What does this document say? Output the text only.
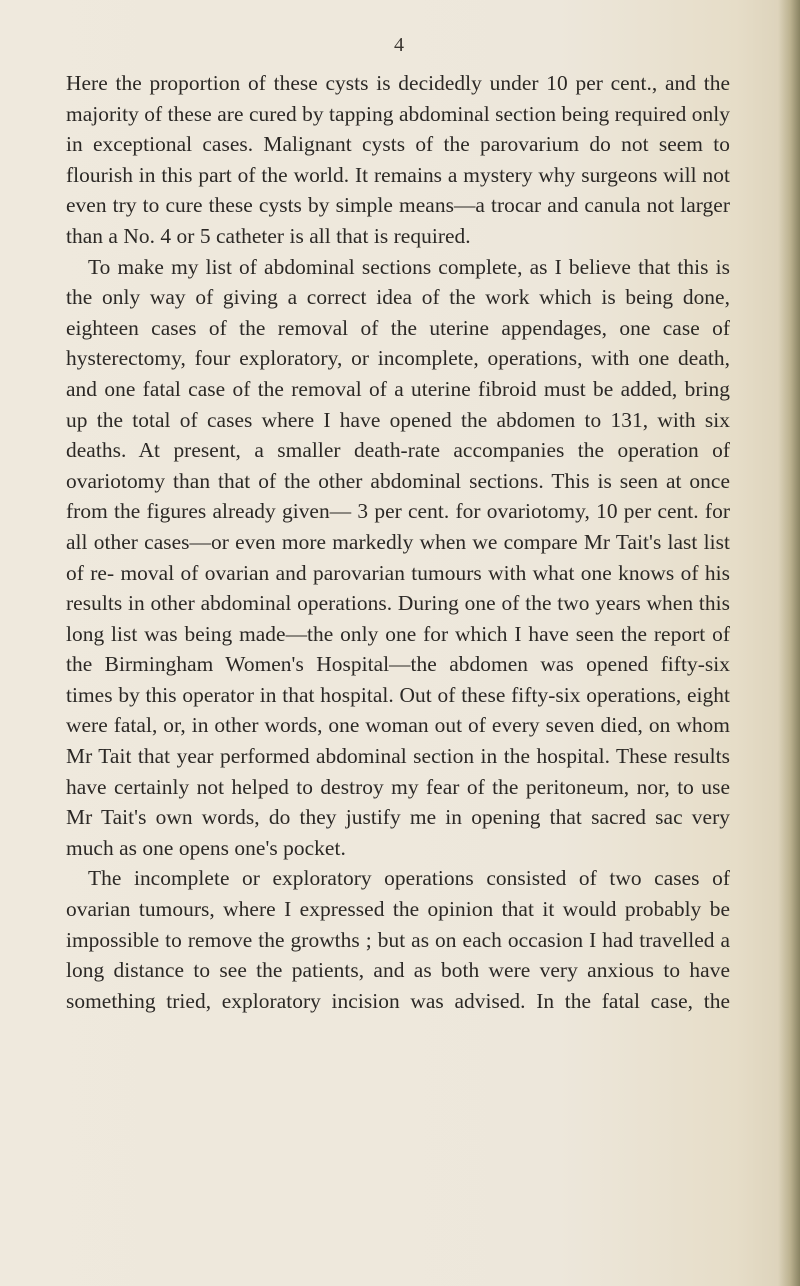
4

Here the proportion of these cysts is decidedly under 10 per cent., and the majority of these are cured by tapping abdominal section being required only in exceptional cases. Malignant cysts of the parovarium do not seem to flourish in this part of the world. It remains a mystery why surgeons will not even try to cure these cysts by simple means—a trocar and canula not larger than a No. 4 or 5 catheter is all that is required.

To make my list of abdominal sections complete, as I believe that this is the only way of giving a correct idea of the work which is being done, eighteen cases of the removal of the uterine appendages, one case of hysterectomy, four exploratory, or incomplete, operations, with one death, and one fatal case of the removal of a uterine fibroid must be added, bring up the total of cases where I have opened the abdomen to 131, with six deaths. At present, a smaller death-rate accompanies the operation of ovariotomy than that of the other abdominal sections. This is seen at once from the figures already given— 3 per cent. for ovariotomy, 10 per cent. for all other cases—or even more markedly when we compare Mr Tait's last list of re- moval of ovarian and parovarian tumours with what one knows of his results in other abdominal operations. During one of the two years when this long list was being made—the only one for which I have seen the report of the Birmingham Women's Hospital—the abdomen was opened fifty-six times by this operator in that hospital. Out of these fifty-six operations, eight were fatal, or, in other words, one woman out of every seven died, on whom Mr Tait that year performed abdominal section in the hospital. These results have certainly not helped to destroy my fear of the peritoneum, nor, to use Mr Tait's own words, do they justify me in opening that sacred sac very much as one opens one's pocket.

The incomplete or exploratory operations consisted of two cases of ovarian tumours, where I expressed the opinion that it would probably be impossible to remove the growths ; but as on each occasion I had travelled a long distance to see the patients, and as both were very anxious to have something tried, exploratory incision was advised. In the fatal case, the
